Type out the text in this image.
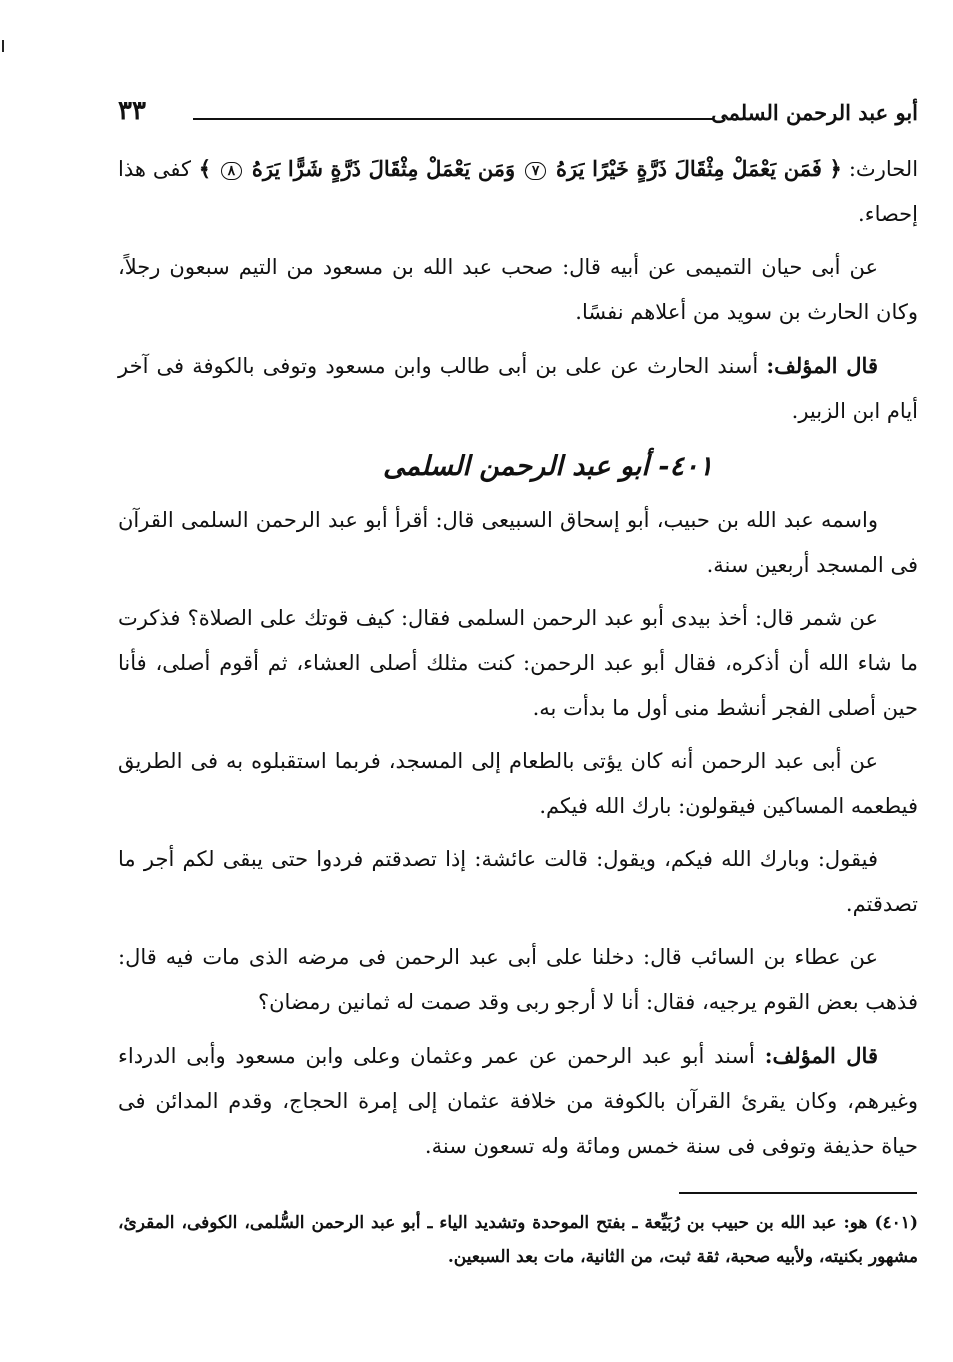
أبو عبد الرحمن السلمى
٣٣

الحارث: ﴿ فَمَن يَعْمَلْ مِثْقَالَ ذَرَّةٍ خَيْرًا يَرَهُ ٧ وَمَن يَعْمَلْ مِثْقَالَ ذَرَّةٍ شَرًّا يَرَهُ ٨ ﴾ كفى هذا إحصاء.

عن أبى حيان التميمى عن أبيه قال: صحب عبد الله بن مسعود من التيم سبعون رجلاً، وكان الحارث بن سويد من أعلاهم نفسًا.

قال المؤلف: أسند الحارث عن على بن أبى طالب وابن مسعود وتوفى بالكوفة فى آخر أيام ابن الزبير.

٤٠١- أبو عبد الرحمن السلمى

واسمه عبد الله بن حبيب، أبو إسحاق السبيعى قال: أقرأ أبو عبد الرحمن السلمى القرآن فى المسجد أربعين سنة.

عن شمر قال: أخذ بيدى أبو عبد الرحمن السلمى فقال: كيف قوتك على الصلاة؟ فذكرت ما شاء الله أن أذكره، فقال أبو عبد الرحمن: كنت مثلك أصلى العشاء، ثم أقوم أصلى، فأنا حين أصلى الفجر أنشط منى أول ما بدأت به.

عن أبى عبد الرحمن أنه كان يؤتى بالطعام إلى المسجد، فربما استقبلوه به فى الطريق فيطعمه المساكين فيقولون: بارك الله فيكم.

فيقول: وبارك الله فيكم، ويقول: قالت عائشة: إذا تصدقتم فردوا حتى يبقى لكم أجر ما تصدقتم.

عن عطاء بن السائب قال: دخلنا على أبى عبد الرحمن فى مرضه الذى مات فيه قال: فذهب بعض القوم يرجيه، فقال: أنا لا أرجو ربى وقد صمت له ثمانين رمضان؟

قال المؤلف: أسند أبو عبد الرحمن عن عمر وعثمان وعلى وابن مسعود وأبى الدرداء وغيرهم، وكان يقرئ القرآن بالكوفة من خلافة عثمان إلى إمرة الحجاج، وقدم المدائن فى حياة حذيفة وتوفى فى سنة خمس ومائة وله تسعون سنة.

(٤٠١) هو: عبد الله بن حبيب بن رُبَيِّعة ـ بفتح الموحدة وتشديد الياء ـ أبو عبد الرحمن السُّلمى، الكوفى، المقرئ، مشهور بكنيته، ولأبيه صحبة، ثقة ثبت، من الثانية، مات بعد السبعين.
